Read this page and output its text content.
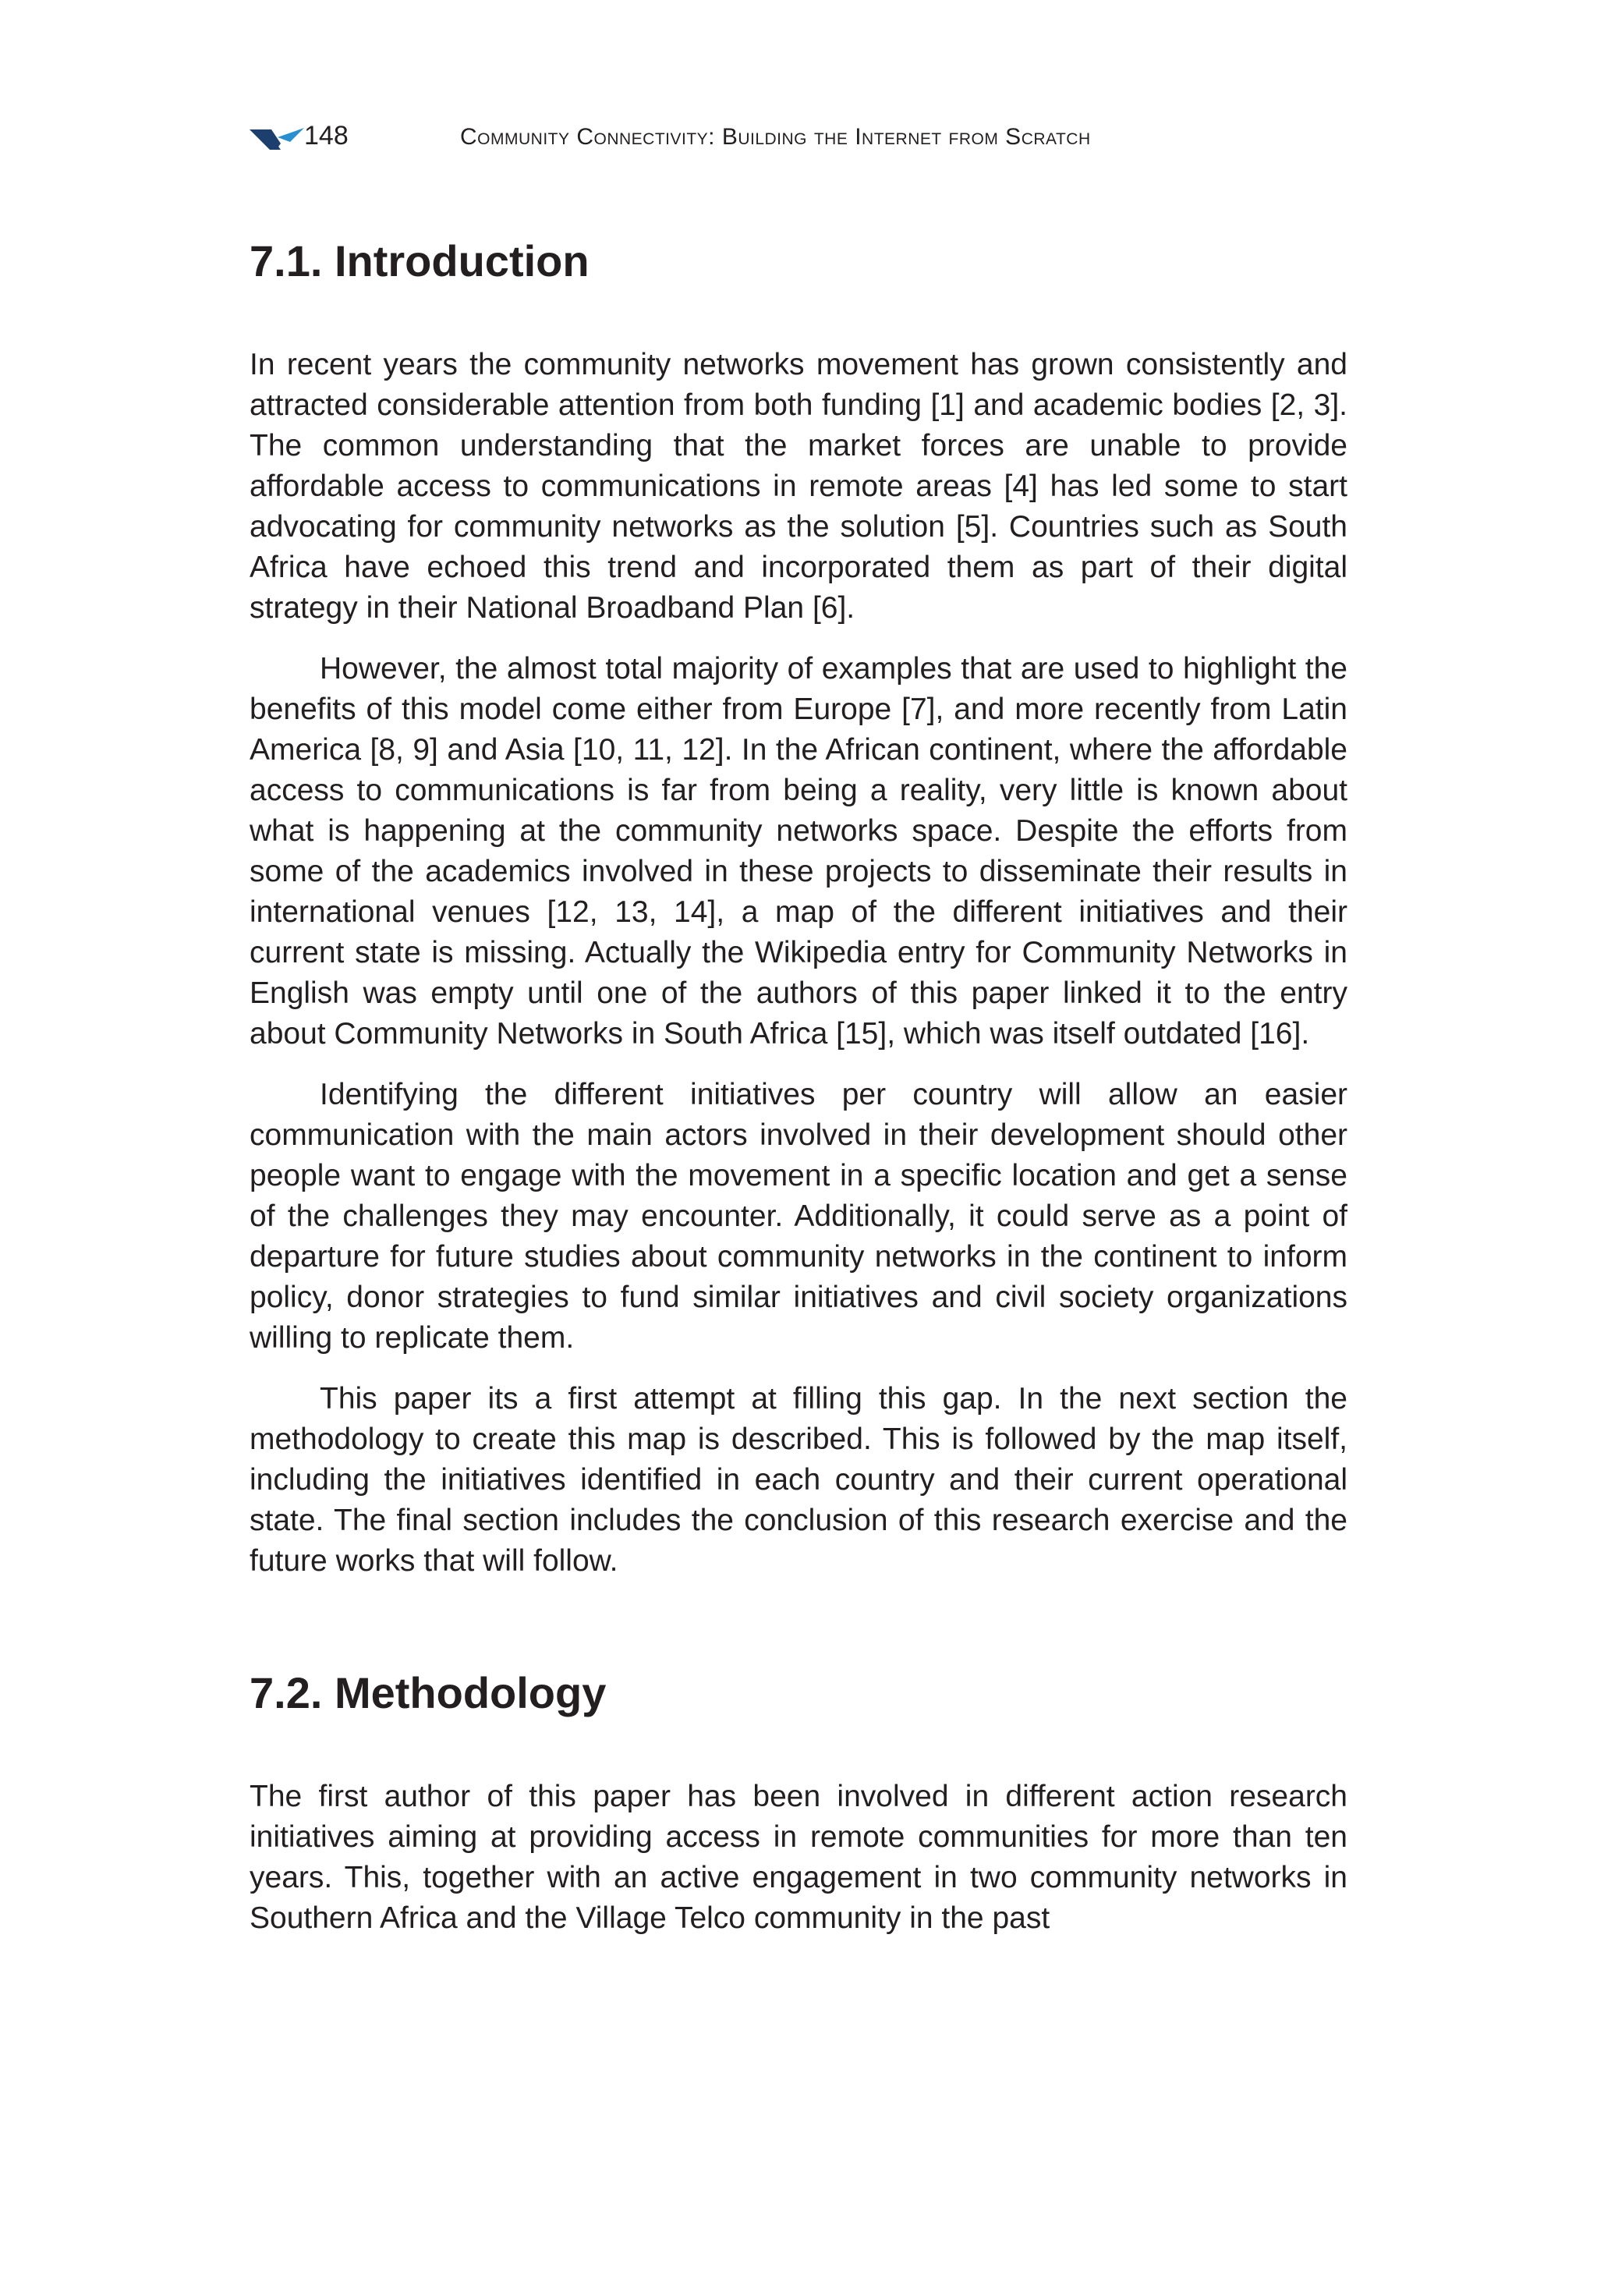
148	Community Connectivity: Building the Internet from Scratch
7.1. Introduction

In recent years the community networks movement has grown consistently and attracted considerable attention from both funding [1] and academic bodies [2, 3]. The common understanding that the market forces are unable to provide affordable access to communications in remote areas [4] has led some to start advocating for community networks as the solution [5]. Countries such as South Africa have echoed this trend and incorporated them as part of their digital strategy in their National Broadband Plan [6].

However, the almost total majority of examples that are used to highlight the benefits of this model come either from Europe [7], and more recently from Latin America [8, 9] and Asia [10, 11, 12]. In the African continent, where the affordable access to communications is far from being a reality, very little is known about what is happening at the community networks space. Despite the efforts from some of the academics involved in these projects to disseminate their results in international venues [12, 13, 14], a map of the different initiatives and their current state is missing. Actually the Wikipedia entry for Community Networks in English was empty until one of the authors of this paper linked it to the entry about Community Networks in South Africa [15], which was itself outdated [16].

Identifying the different initiatives per country will allow an easier communication with the main actors involved in their development should other people want to engage with the movement in a specific location and get a sense of the challenges they may encounter. Additionally, it could serve as a point of departure for future studies about community networks in the continent to inform policy, donor strategies to fund similar initiatives and civil society organizations willing to replicate them.

This paper its a first attempt at filling this gap. In the next section the methodology to create this map is described. This is followed by the map itself, including the initiatives identified in each country and their current operational state. The final section includes the conclusion of this research exercise and the future works that will follow.

7.2. Methodology

The first author of this paper has been involved in different action research initiatives aiming at providing access in remote communities for more than ten years. This, together with an active engagement in two community networks in Southern Africa and the Village Telco community in the past
